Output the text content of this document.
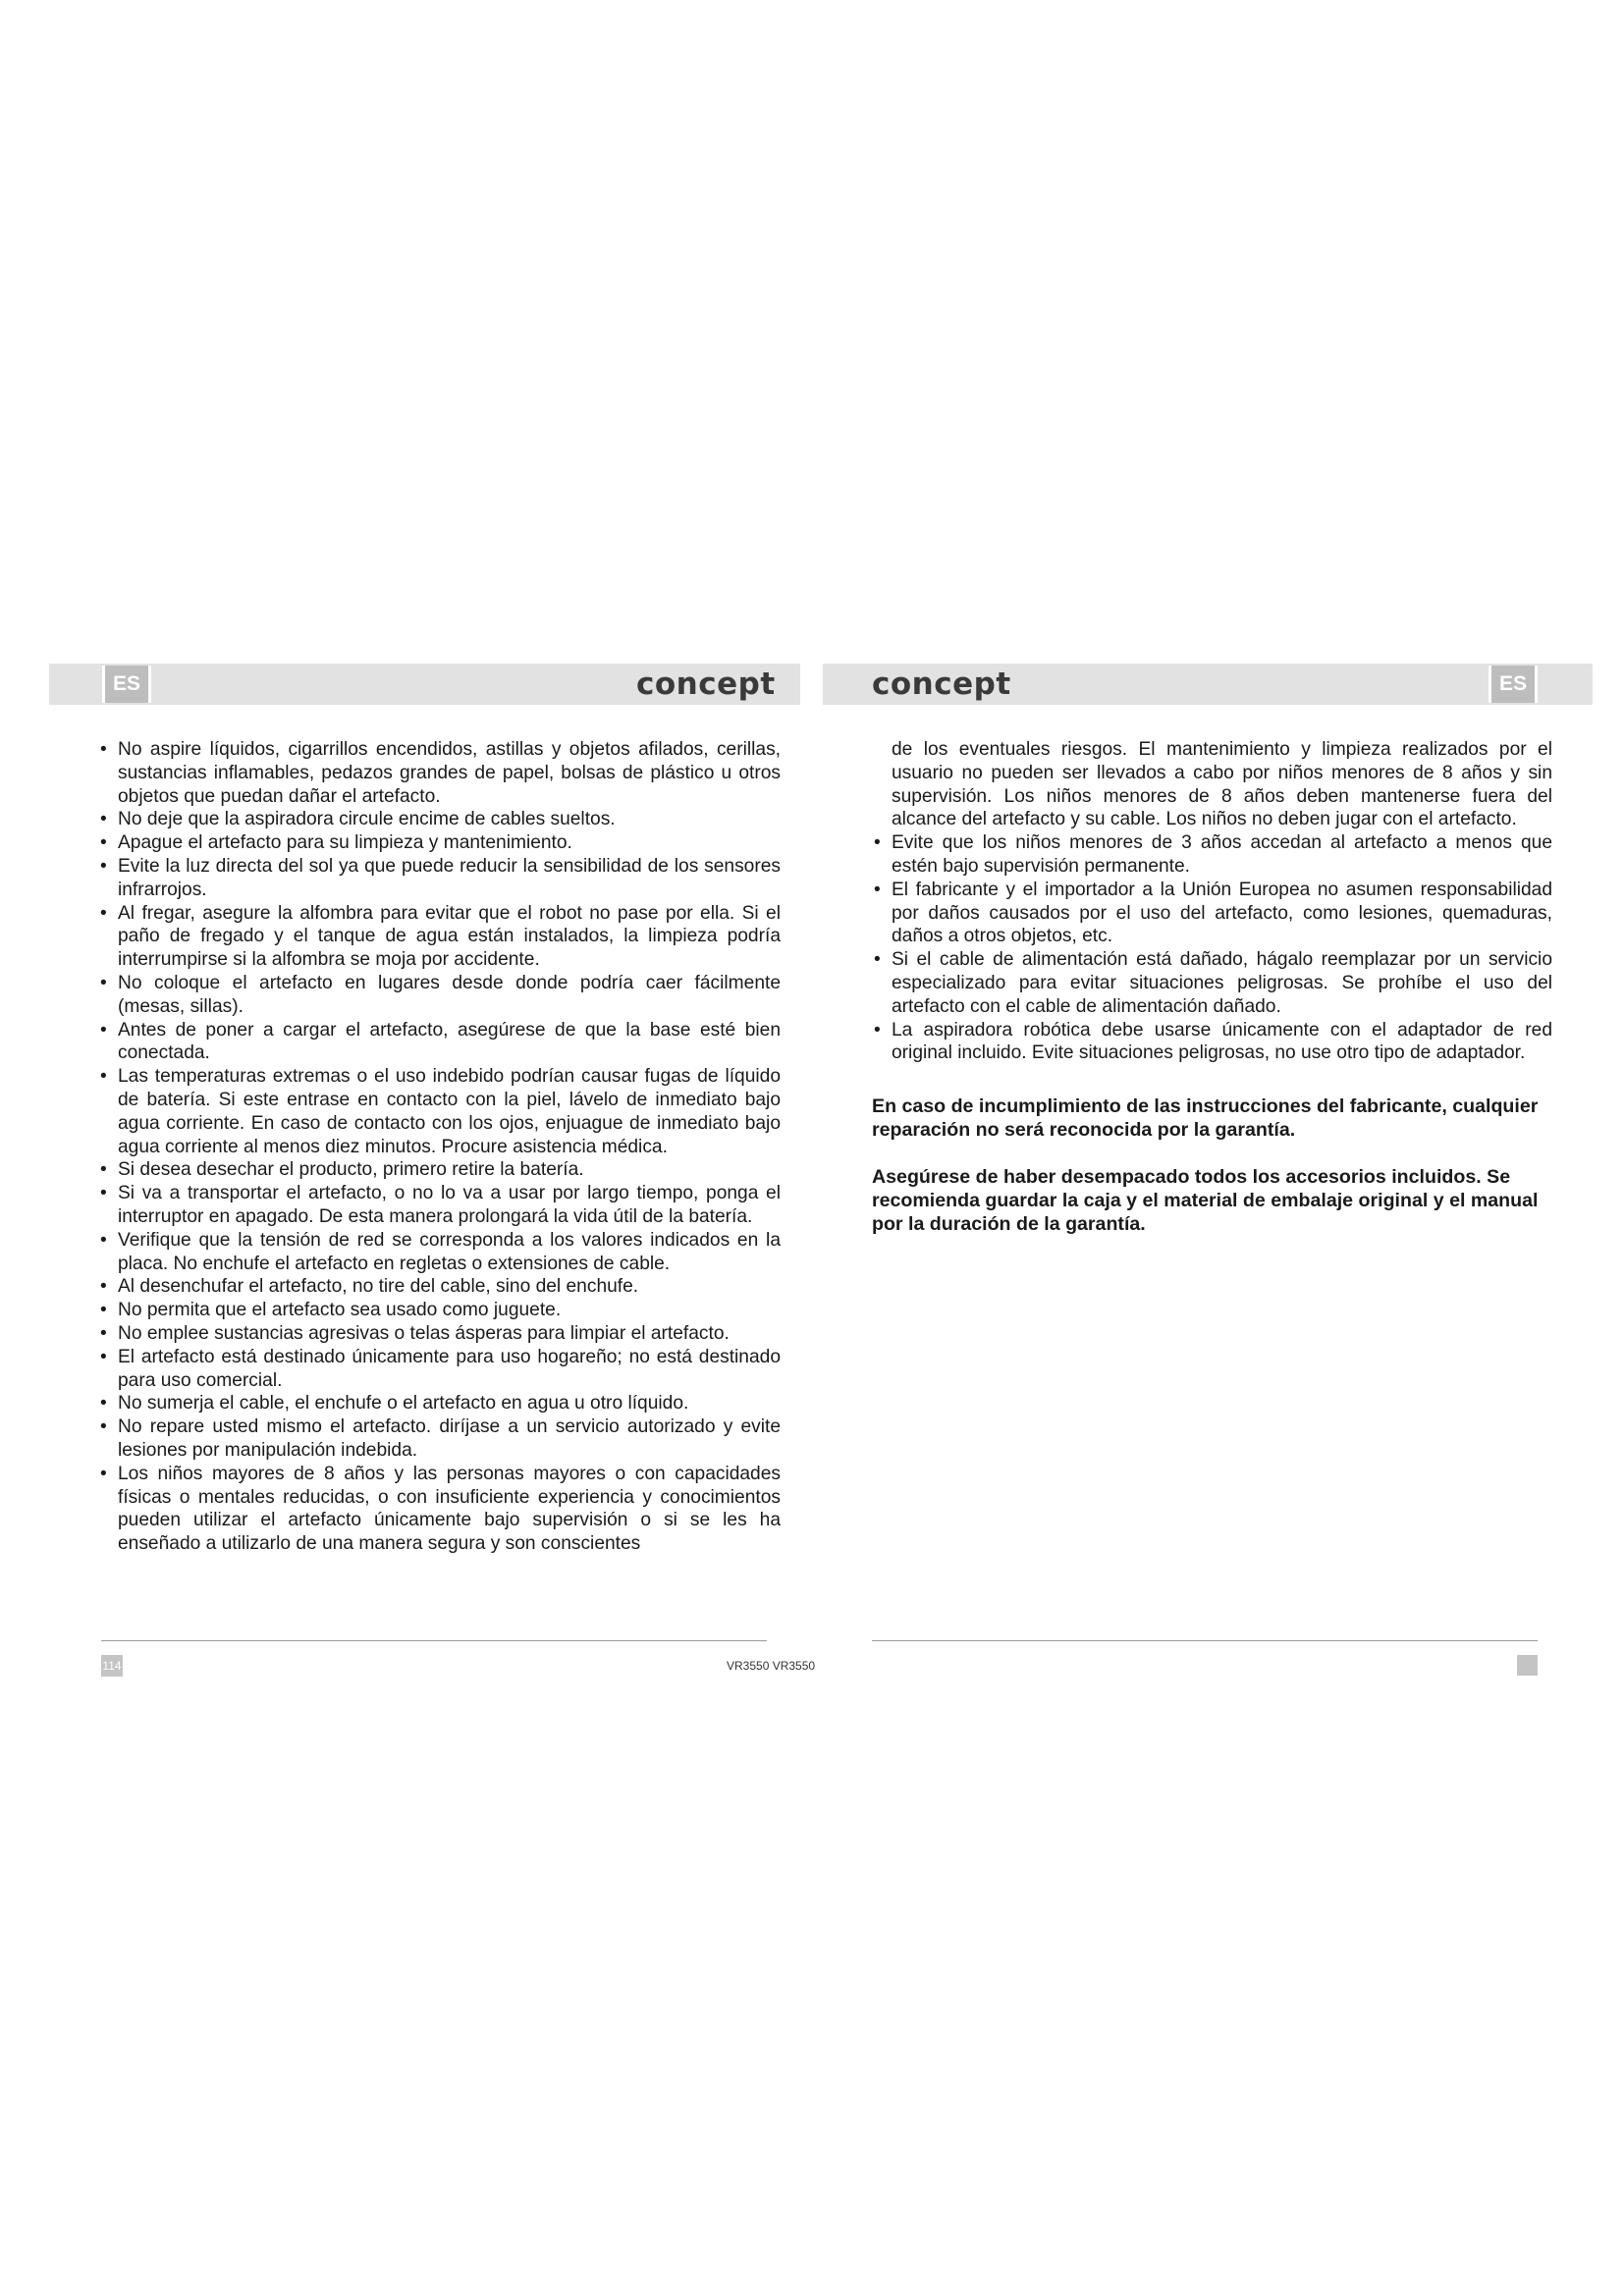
ES	ES
concept	concept
• No aspire líquidos, cigarrillos encendidos, astillas y objetos afilados, cerillas, sustancias inflamables, pedazos grandes de papel, bolsas de plástico u otros objetos que puedan dañar el artefacto.
• No deje que la aspiradora circule encime de cables sueltos.
• Apague el artefacto para su limpieza y mantenimiento.
• Evite la luz directa del sol ya que puede reducir la sensibilidad de los sensores infrarrojos.
• Al fregar, asegure la alfombra para evitar que el robot no pase por ella. Si el paño de fregado y el tanque de agua están instalados, la limpieza podría interrumpirse si la alfombra se moja por accidente.
• No coloque el artefacto en lugares desde donde podría caer fácilmente (mesas, sillas).
• Antes de poner a cargar el artefacto, asegúrese de que la base esté bien conectada.
• Las temperaturas extremas o el uso indebido podrían causar fugas de líquido de batería. Si este entrase en contacto con la piel, lávelo de inmediato bajo agua corriente. En caso de contacto con los ojos, enjuague de inmediato bajo agua corriente al menos diez minutos. Procure asistencia médica.
• Si desea desechar el producto, primero retire la batería.
• Si va a transportar el artefacto, o no lo va a usar por largo tiempo, ponga el interruptor en apagado. De esta manera prolongará la vida útil de la batería.
• Verifique que la tensión de red se corresponda a los valores indicados en la placa. No enchufe el artefacto en regletas o extensiones de cable.
• Al desenchufar el artefacto, no tire del cable, sino del enchufe.
• No permita que el artefacto sea usado como juguete.
• No emplee sustancias agresivas o telas ásperas para limpiar el artefacto.
• El artefacto está destinado únicamente para uso hogareño; no está destinado para uso comercial.
• No sumerja el cable, el enchufe o el artefacto en agua u otro líquido.
• No repare usted mismo el artefacto. diríjase a un servicio autorizado y evite lesiones por manipulación indebida.
• Los niños mayores de 8 años y las personas mayores o con capacidades físicas o mentales reducidas, o con insuficiente experiencia y conocimientos pueden utilizar el artefacto únicamente bajo supervisión o si se les ha enseñado a utilizarlo de una manera segura y son conscientes

de los eventuales riesgos. El mantenimiento y limpieza realizados por el usuario no pueden ser llevados a cabo por niños menores de 8 años y sin supervisión. Los niños menores de 8 años deben mantenerse fuera del alcance del artefacto y su cable. Los niños no deben jugar con el artefacto.

• Evite que los niños menores de 3 años accedan al artefacto a menos que estén bajo supervisión permanente.
• El fabricante y el importador a la Unión Europea no asumen responsabilidad por daños causados por el uso del artefacto, como lesiones, quemaduras, daños a otros objetos, etc.
• Si el cable de alimentación está dañado, hágalo reemplazar por un servicio especializado para evitar situaciones peligrosas. Se prohíbe el uso del artefacto con el cable de alimentación dañado.
• La aspiradora robótica debe usarse únicamente con el adaptador de red original incluido. Evite situaciones peligrosas, no use otro tipo de adaptador.

En caso de incumplimiento de las instrucciones del fabricante, cualquier reparación no será reconocida por la garantía.

Asegúrese de haber desempacado todos los accesorios incluidos. Se recomienda guardar la caja y el material de embalaje original y el manual por la duración de la garantía.

114	VR3550 VR3550
